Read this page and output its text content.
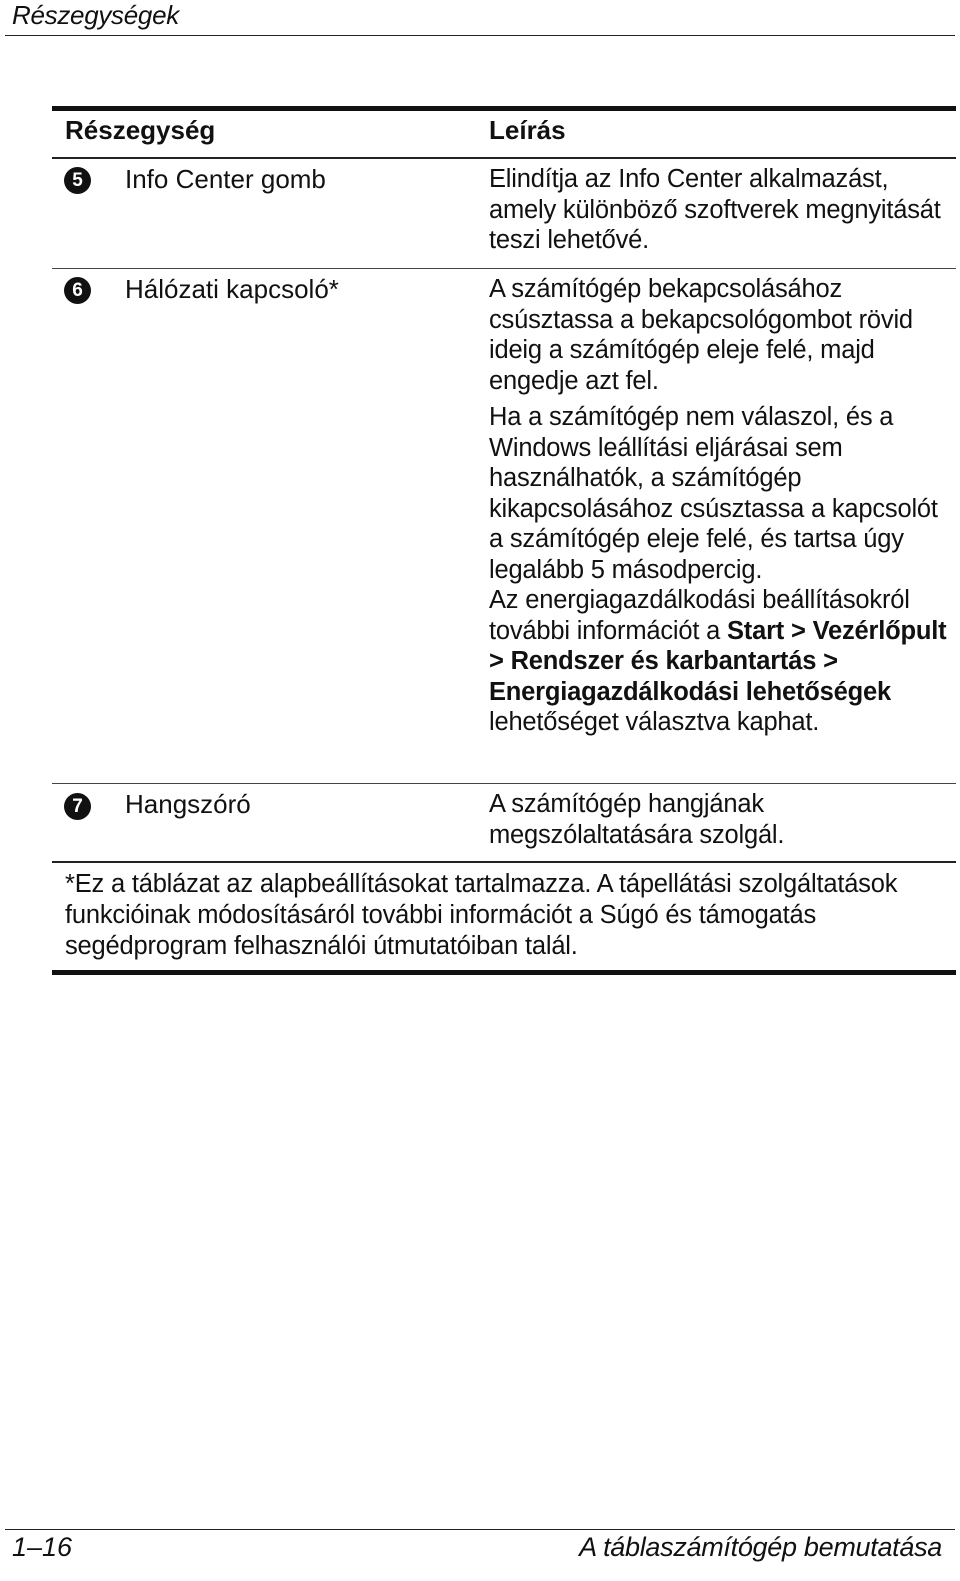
Részegységek
Részegység	Leírás
5	Info Center gomb	Elindítja az Info Center alkalmazást, amely különböző szoftverek megnyitását teszi lehetővé.

6	Hálózati kapcsoló*	A számítógép bekapcsolásához csúsztassa a bekapcsológombot rövid ideig a számítógép eleje felé, majd engedje azt fel.

Ha a számítógép nem válaszol, és a Windows leállítási eljárásai sem használhatók, a számítógép kikapcsolásához csúsztassa a kapcsolót a számítógép eleje felé, és tartsa úgy legalább 5 másodpercig.

Az energiagazdálkodási beállításokról további információt a Start > Vezérlőpult > Rendszer és karbantartás > Energiagazdálkodási lehetőségek lehetőséget választva kaphat.

7	Hangszóró	A számítógép hangjának megszólaltatására szolgál.

*Ez a táblázat az alapbeállításokat tartalmazza. A tápellátási szolgáltatások funkcióinak módosításáról további információt a Súgó és támogatás segédprogram felhasználói útmutatóiban talál.
1–16	A táblaszámítógép bemutatása
